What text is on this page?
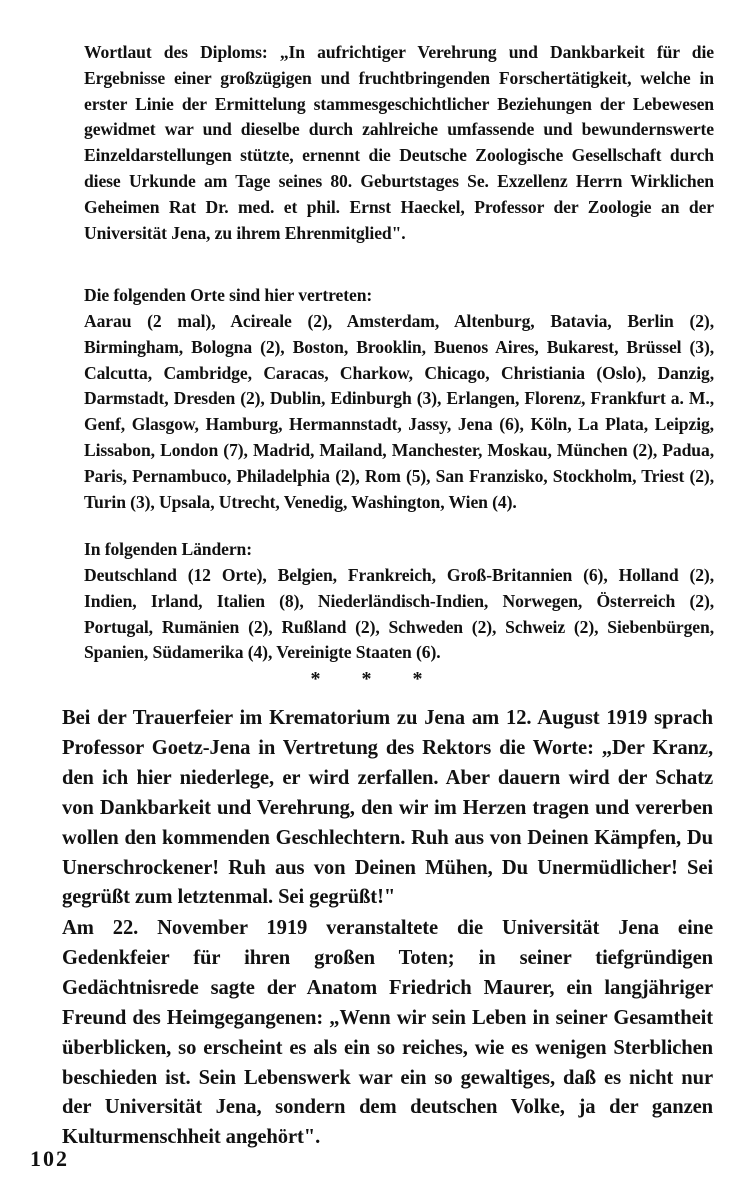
Wortlaut des Diploms: „In aufrichtiger Verehrung und Dankbarkeit für die Ergebnisse einer großzügigen und fruchtbringenden Forschertätigkeit, welche in erster Linie der Ermittelung stammesgeschichtlicher Beziehungen der Lebewesen gewidmet war und dieselbe durch zahlreiche umfassende und bewundernswerte Einzeldarstellungen stützte, ernennt die Deutsche Zoologische Gesellschaft durch diese Urkunde am Tage seines 80. Geburtstages Se. Exzellenz Herrn Wirklichen Geheimen Rat Dr. med. et phil. Ernst Haeckel, Professor der Zoologie an der Universität Jena, zu ihrem Ehrenmitglied".

Die folgenden Orte sind hier vertreten:

Aarau (2 mal), Acireale (2), Amsterdam, Altenburg, Batavia, Berlin (2), Birmingham, Bologna (2), Boston, Brooklin, Buenos Aires, Bukarest, Brüssel (3), Calcutta, Cambridge, Caracas, Charkow, Chicago, Christiania (Oslo), Danzig, Darmstadt, Dresden (2), Dublin, Edinburgh (3), Erlangen, Florenz, Frankfurt a. M., Genf, Glasgow, Hamburg, Hermannstadt, Jassy, Jena (6), Köln, La Plata, Leipzig, Lissabon, London (7), Madrid, Mailand, Manchester, Moskau, München (2), Padua, Paris, Pernambuco, Philadelphia (2), Rom (5), San Franzisko, Stockholm, Triest (2), Turin (3), Upsala, Utrecht, Venedig, Washington, Wien (4).

In folgenden Ländern:

Deutschland (12 Orte), Belgien, Frankreich, Groß-Britannien (6), Holland (2), Indien, Irland, Italien (8), Niederländisch-Indien, Norwegen, Österreich (2), Portugal, Rumänien (2), Rußland (2), Schweden (2), Schweiz (2), Siebenbürgen, Spanien, Südamerika (4), Vereinigte Staaten (6).

* * *

Bei der Trauerfeier im Krematorium zu Jena am 12. August 1919 sprach Professor Goetz-Jena in Vertretung des Rektors die Worte: „Der Kranz, den ich hier niederlege, er wird zerfallen. Aber dauern wird der Schatz von Dankbarkeit und Verehrung, den wir im Herzen tragen und vererben wollen den kommenden Geschlechtern. Ruh aus von Deinen Kämpfen, Du Unerschrockener! Ruh aus von Deinen Mühen, Du Unermüdlicher! Sei gegrüßt zum letztenmal. Sei gegrüßt!"

Am 22. November 1919 veranstaltete die Universität Jena eine Gedenkfeier für ihren großen Toten; in seiner tiefgründigen Gedächtnisrede sagte der Anatom Friedrich Maurer, ein langjähriger Freund des Heimgegangenen: „Wenn wir sein Leben in seiner Gesamtheit überblicken, so erscheint es als ein so reiches, wie es wenigen Sterblichen beschieden ist. Sein Lebenswerk war ein so gewaltiges, daß es nicht nur der Universität Jena, sondern dem deutschen Volke, ja der ganzen Kulturmenschheit angehört".

102
